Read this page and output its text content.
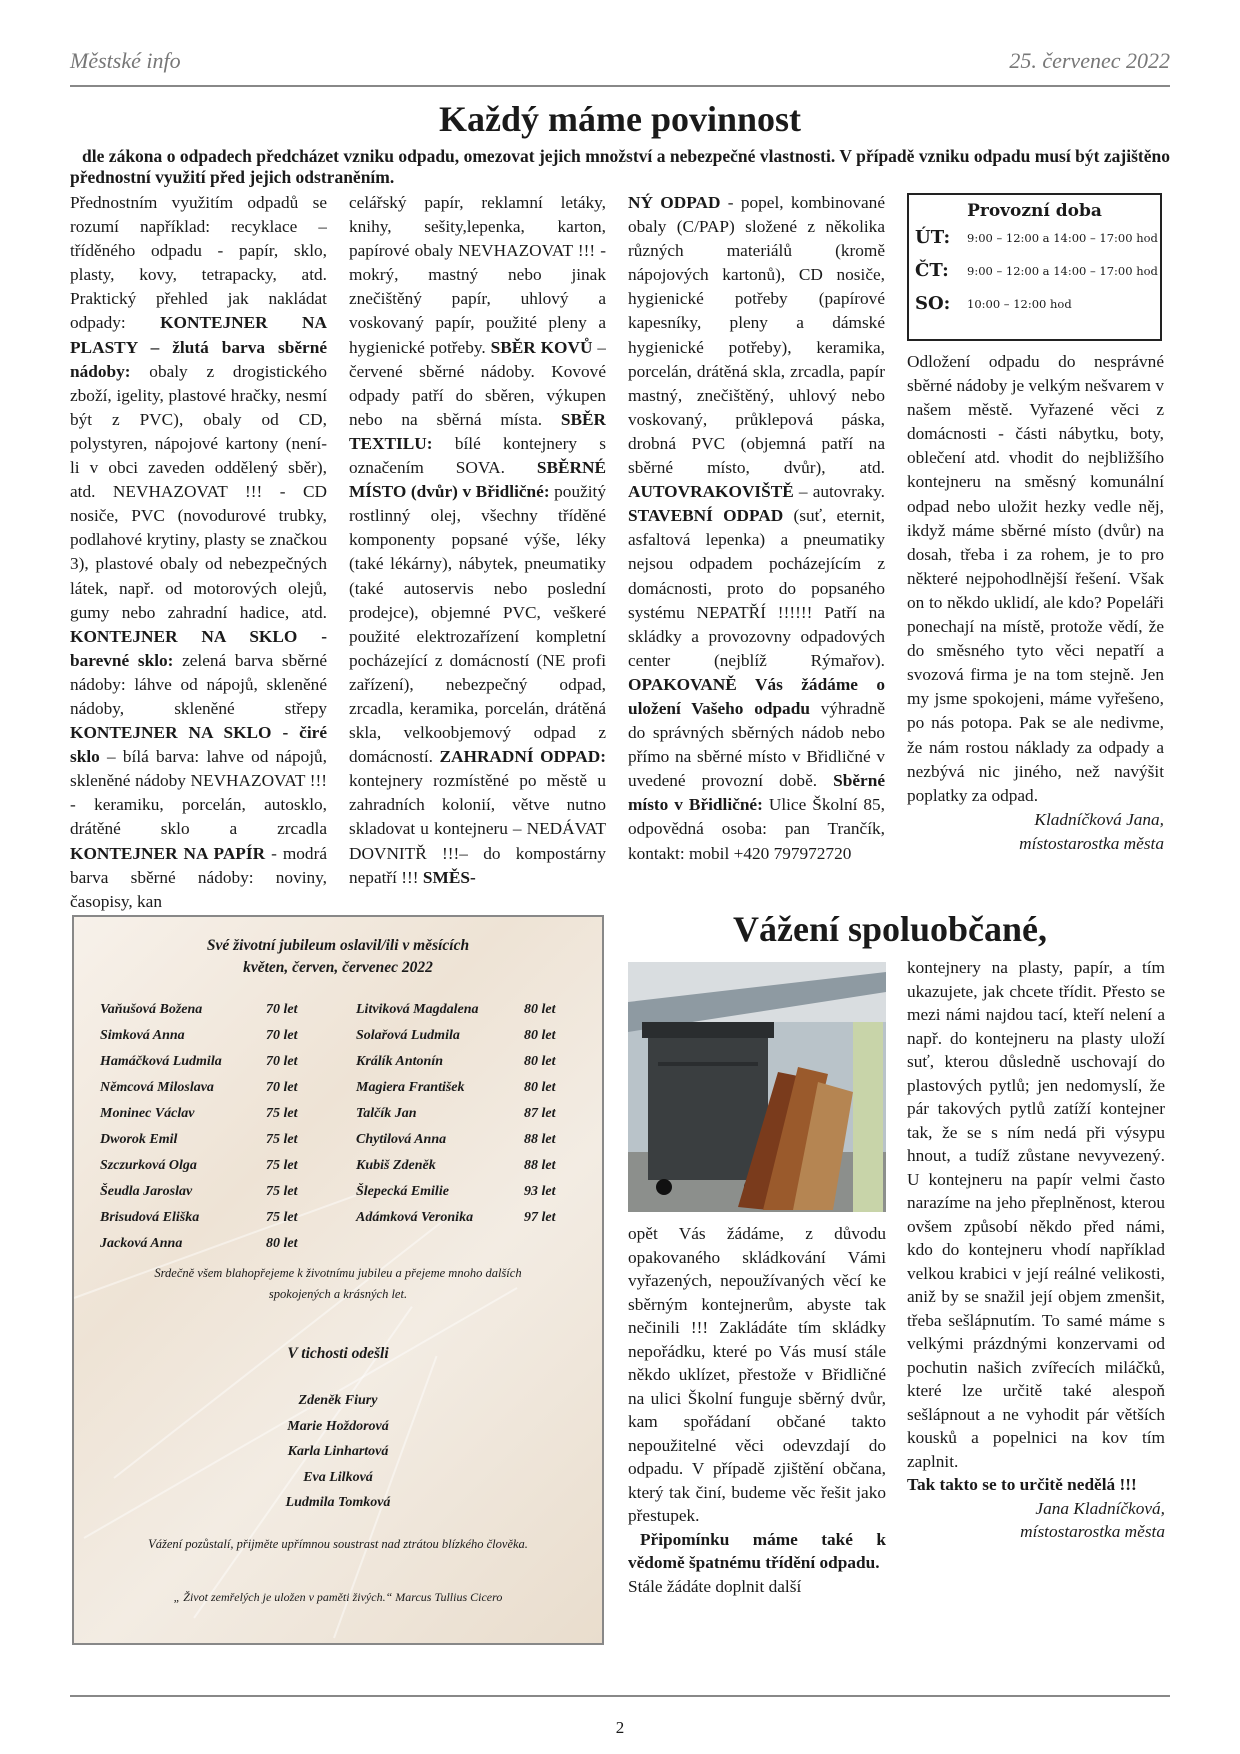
Městské info	25. červenec 2022
Každý máme povinnost
dle zákona o odpadech předcházet vzniku odpadu, omezovat jejich množství a nebezpečné vlastnosti. V případě vzniku odpadu musí být zajištěno přednostní využití před jejich odstraněním.
Přednostním využitím odpadů se rozumí například: recyklace – tříděného odpadu - papír, sklo, plasty, kovy, tetrapacky, atd. Praktický přehled jak nakládat odpady: KONTEJNER NA PLASTY – žlutá barva sběrné nádoby: obaly z drogistického zboží, igelity, plastové hračky, nesmí být z PVC), obaly od CD, polystyren, nápojové kartony (není-li v obci zaveden oddělený sběr), atd. NEVHAZOVAT !!! - CD nosiče, PVC (novodurové trubky, podlahové krytiny, plasty se značkou 3), plastové obaly od nebezpečných látek, např. od motorových olejů, gumy nebo zahradní hadice, atd. KONTEJNER NA SKLO - barevné sklo: zelená barva sběrné nádoby: láhve od nápojů, skleněné nádoby, skleněné střepy KONTEJNER NA SKLO - čiré sklo – bílá barva: lahve od nápojů, skleněné nádoby NEVHAZOVAT !!! - keramiku, porcelán, autosklo, drátěné sklo a zrcadla KONTEJNER NA PAPÍR - modrá barva sběrné nádoby: noviny, časopisy, kan
celářský papír, reklamní letáky, knihy, sešity,lepenka, karton, papírové obaly NEVHAZOVAT !!! - mokrý, mastný nebo jinak znečištěný papír, uhlový a voskovaný papír, použité pleny a hygienické potřeby. SBĚR KOVŮ – červené sběrné nádoby. Kovové odpady patří do sběren, výkupen nebo na sběrná místa. SBĚR TEXTILU: bílé kontejnery s označením SOVA. SBĚRNÉ MÍSTO (dvůr) v Břidličné: použitý rostlinný olej, všechny tříděné komponenty popsané výše, léky (také lékárny), nábytek, pneumatiky (také autoservis nebo poslední prodejce), objemné PVC, veškeré použité elektrozařízení kompletní pocházející z domácností (NE profi zařízení), nebezpečný odpad, zrcadla, keramika, porcelán, drátěná skla, velkoobjemový odpad z domácností. ZAHRADNÍ ODPAD: kontejnery rozmístěné po městě u zahradních kolonií, větve nutno skladovat u kontejneru – NEDÁVAT DOVNITŘ !!!– do kompostárny nepatří !!! SMĚS-
NÝ ODPAD - popel, kombinované obaly (C/PAP) složené z několika různých materiálů (kromě nápojových kartonů), CD nosiče, hygienické potřeby (papírové kapesníky, pleny a dámské hygienické potřeby), keramika, porcelán, drátěná skla, zrcadla, papír mastný, znečištěný, uhlový nebo voskovaný, průklepová páska, drobná PVC (objemná patří na sběrné místo, dvůr), atd. AUTOVRAKOVIŠTĚ – autovraky. STAVEBNÍ ODPAD (suť, eternit, asfaltová lepenka) a pneumatiky nejsou odpadem pocházejícím z domácnosti, proto do popsaného systému NEPATŘÍ !!!!!! Patří na skládky a provozovny odpadových center (nejblíž Rýmařov). OPAKOVANĚ Vás žádáme o uložení Vašeho odpadu výhradně do správných sběrných nádob nebo přímo na sběrné místo v Břidličné v uvedené provozní době. Sběrné místo v Břidličné: Ulice Školní 85, odpovědná osoba: pan Trančík, kontakt: mobil +420 797972720
Provozní doba
ÚT:	9:00 – 12:00 a 14:00 – 17:00 hod
ČT:	9:00 – 12:00 a 14:00 – 17:00 hod
SO:	10:00 – 12:00 hod
Odložení odpadu do nesprávné sběrné nádoby je velkým nešvarem v našem městě. Vyřazené věci z domácnosti - části nábytku, boty, oblečení atd. vhodit do nejbližšího kontejneru na směsný komunální odpad nebo uložit hezky vedle něj, ikdyž máme sběrné místo (dvůr) na dosah, třeba i za rohem, je to pro některé nejpohodlnější řešení. Však on to někdo uklidí, ale kdo? Popeláři ponechají na místě, protože vědí, že do směsného tyto věci nepatří a svozová firma je na tom stejně. Jen my jsme spokojeni, máme vyřešeno, po nás potopa. Pak se ale nedivme, že nám rostou náklady za odpady a nezbývá nic jiného, než navýšit poplatky za odpad.
Kladníčková Jana,
místostarostka města
Své životní jubileum oslavil/ili v měsících
květen, červen, červenec 2022
Vaňušová Božena	70 let	Litviková Magdalena	80 let
Simková Anna	70 let	Solařová Ludmila	80 let
Hamáčková Ludmila	70 let	Králík Antonín	80 let
Němcová Miloslava	70 let	Magiera František	80 let
Moninec Václav	75 let	Talčík Jan	87 let
Dworok Emil	75 let	Chytilová Anna	88 let
Szczurková Olga	75 let	Kubiš Zdeněk	88 let
Šeudla Jaroslav	75 let	Šlepecká Emilie	93 let
Brisudová Eliška	75 let	Adámková Veronika	97 let
Jacková Anna	80 let
Srdečně všem blahopřejeme k životnímu jubileu a přejeme mnoho dalších spokojených a krásných let.
V tichosti odešli
Zdeněk Fiury
Marie Hoždorová
Karla Linhartová
Eva Lilková
Ludmila Tomková
Vážení pozůstalí, přijměte upřímnou soustrast nad ztrátou blízkého člověka.
„ Život zemřelých je uložen v paměti živých.“ Marcus Tullius Cicero
Vážení spoluobčané,
opět Vás žádáme, z důvodu opakovaného skládkování Vámi vyřazených, nepoužívaných věcí ke sběrným kontejnerům, abyste tak nečinili !!! Zakládáte tím skládky nepořádku, které po Vás musí stále někdo uklízet, přestože v Břidličné na ulici Školní funguje sběrný dvůr, kam spořádaní občané takto nepoužitelné věci odevzdají do odpadu. V případě zjištění občana, který tak činí, budeme věc řešit jako přestupek.
Připomínku máme také k vědomě špatnému třídění odpadu.
Stále žádáte doplnit další
kontejnery na plasty, papír, a tím ukazujete, jak chcete třídit. Přesto se mezi námi najdou tací, kteří nelení a např. do kontejneru na plasty uloží suť, kterou důsledně uschovají do plastových pytlů; jen nedomyslí, že pár takových pytlů zatíží kontejner tak, že se s ním nedá při výsypu hnout, a tudíž zůstane nevyvezený. U kontejneru na papír velmi často narazíme na jeho přeplněnost, kterou ovšem způsobí někdo před námi, kdo do kontejneru vhodí například velkou krabici v její reálné velikosti, aniž by se snažil její objem zmenšit, třeba sešlápnutím. To samé máme s velkými prázdnými konzervami od pochutin našich zvířecích miláčků, které lze určitě také alespoň sešlápnout a ne vyhodit pár větších kousků a popelnici na kov tím zaplnit.
Tak takto se to určitě nedělá !!!
Jana Kladníčková,
místostarostka města
2
